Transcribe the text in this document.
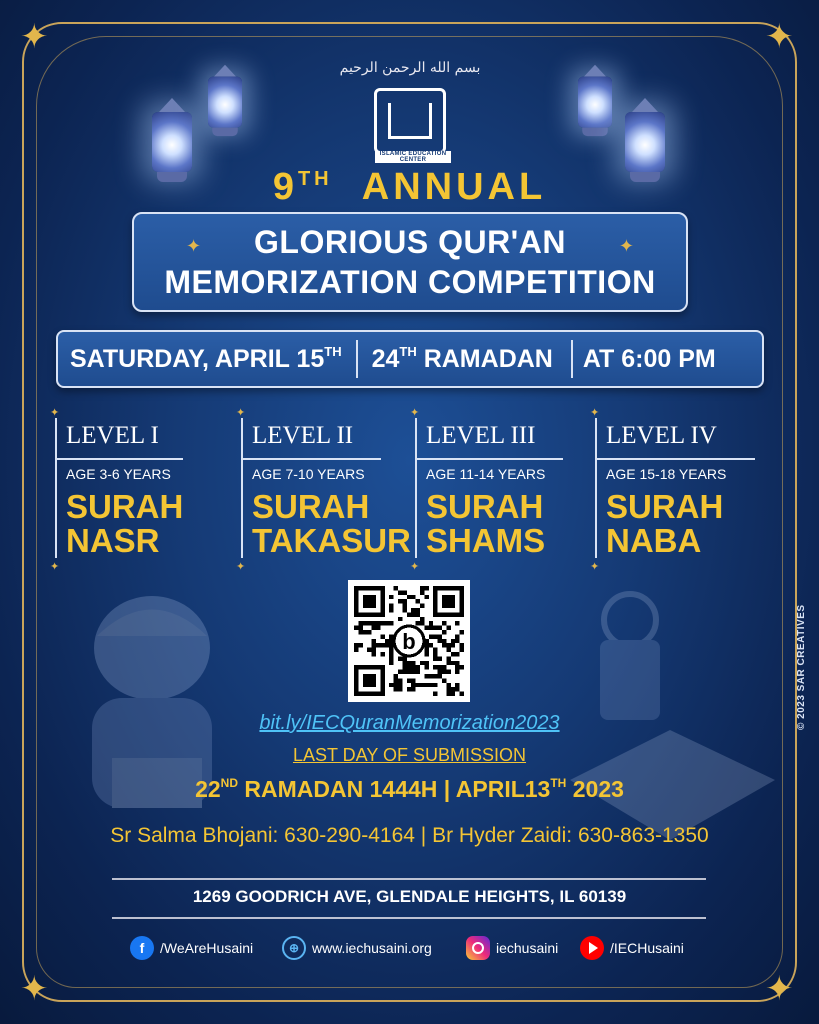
✦	✦
✦	✦
بسم الله الرحمن الرحيم
ISLAMIC EDUCATION CENTER
9TH ANNUAL
✦	✦
GLORIOUS QUR'AN
MEMORIZATION COMPETITION
SATURDAY, APRIL 15TH 24TH RAMADAN AT 6:00 PM
✦
✦
LEVEL I
AGE 3-6 YEARS
SURAH
NASR
✦
✦
LEVEL II
AGE 7-10 YEARS
SURAH
TAKASUR
✦
✦
LEVEL III
AGE 11-14 YEARS
SURAH
SHAMS
✦
✦
LEVEL IV
AGE 15-18 YEARS
SURAH
NABA
b
bit.ly/IECQuranMemorization2023
LAST DAY OF SUBMISSION
22ND RAMADAN 1444H | APRIL13TH 2023
Sr Salma Bhojani: 630-290-4164 | Br Hyder Zaidi: 630-863-1350
1269 GOODRICH AVE, GLENDALE HEIGHTS, IL 60139
f	/WeAreHusaini	⊕ www.iechusaini.org	iechusaini	/IECHusaini
© 2023 SAR CREATIVES
